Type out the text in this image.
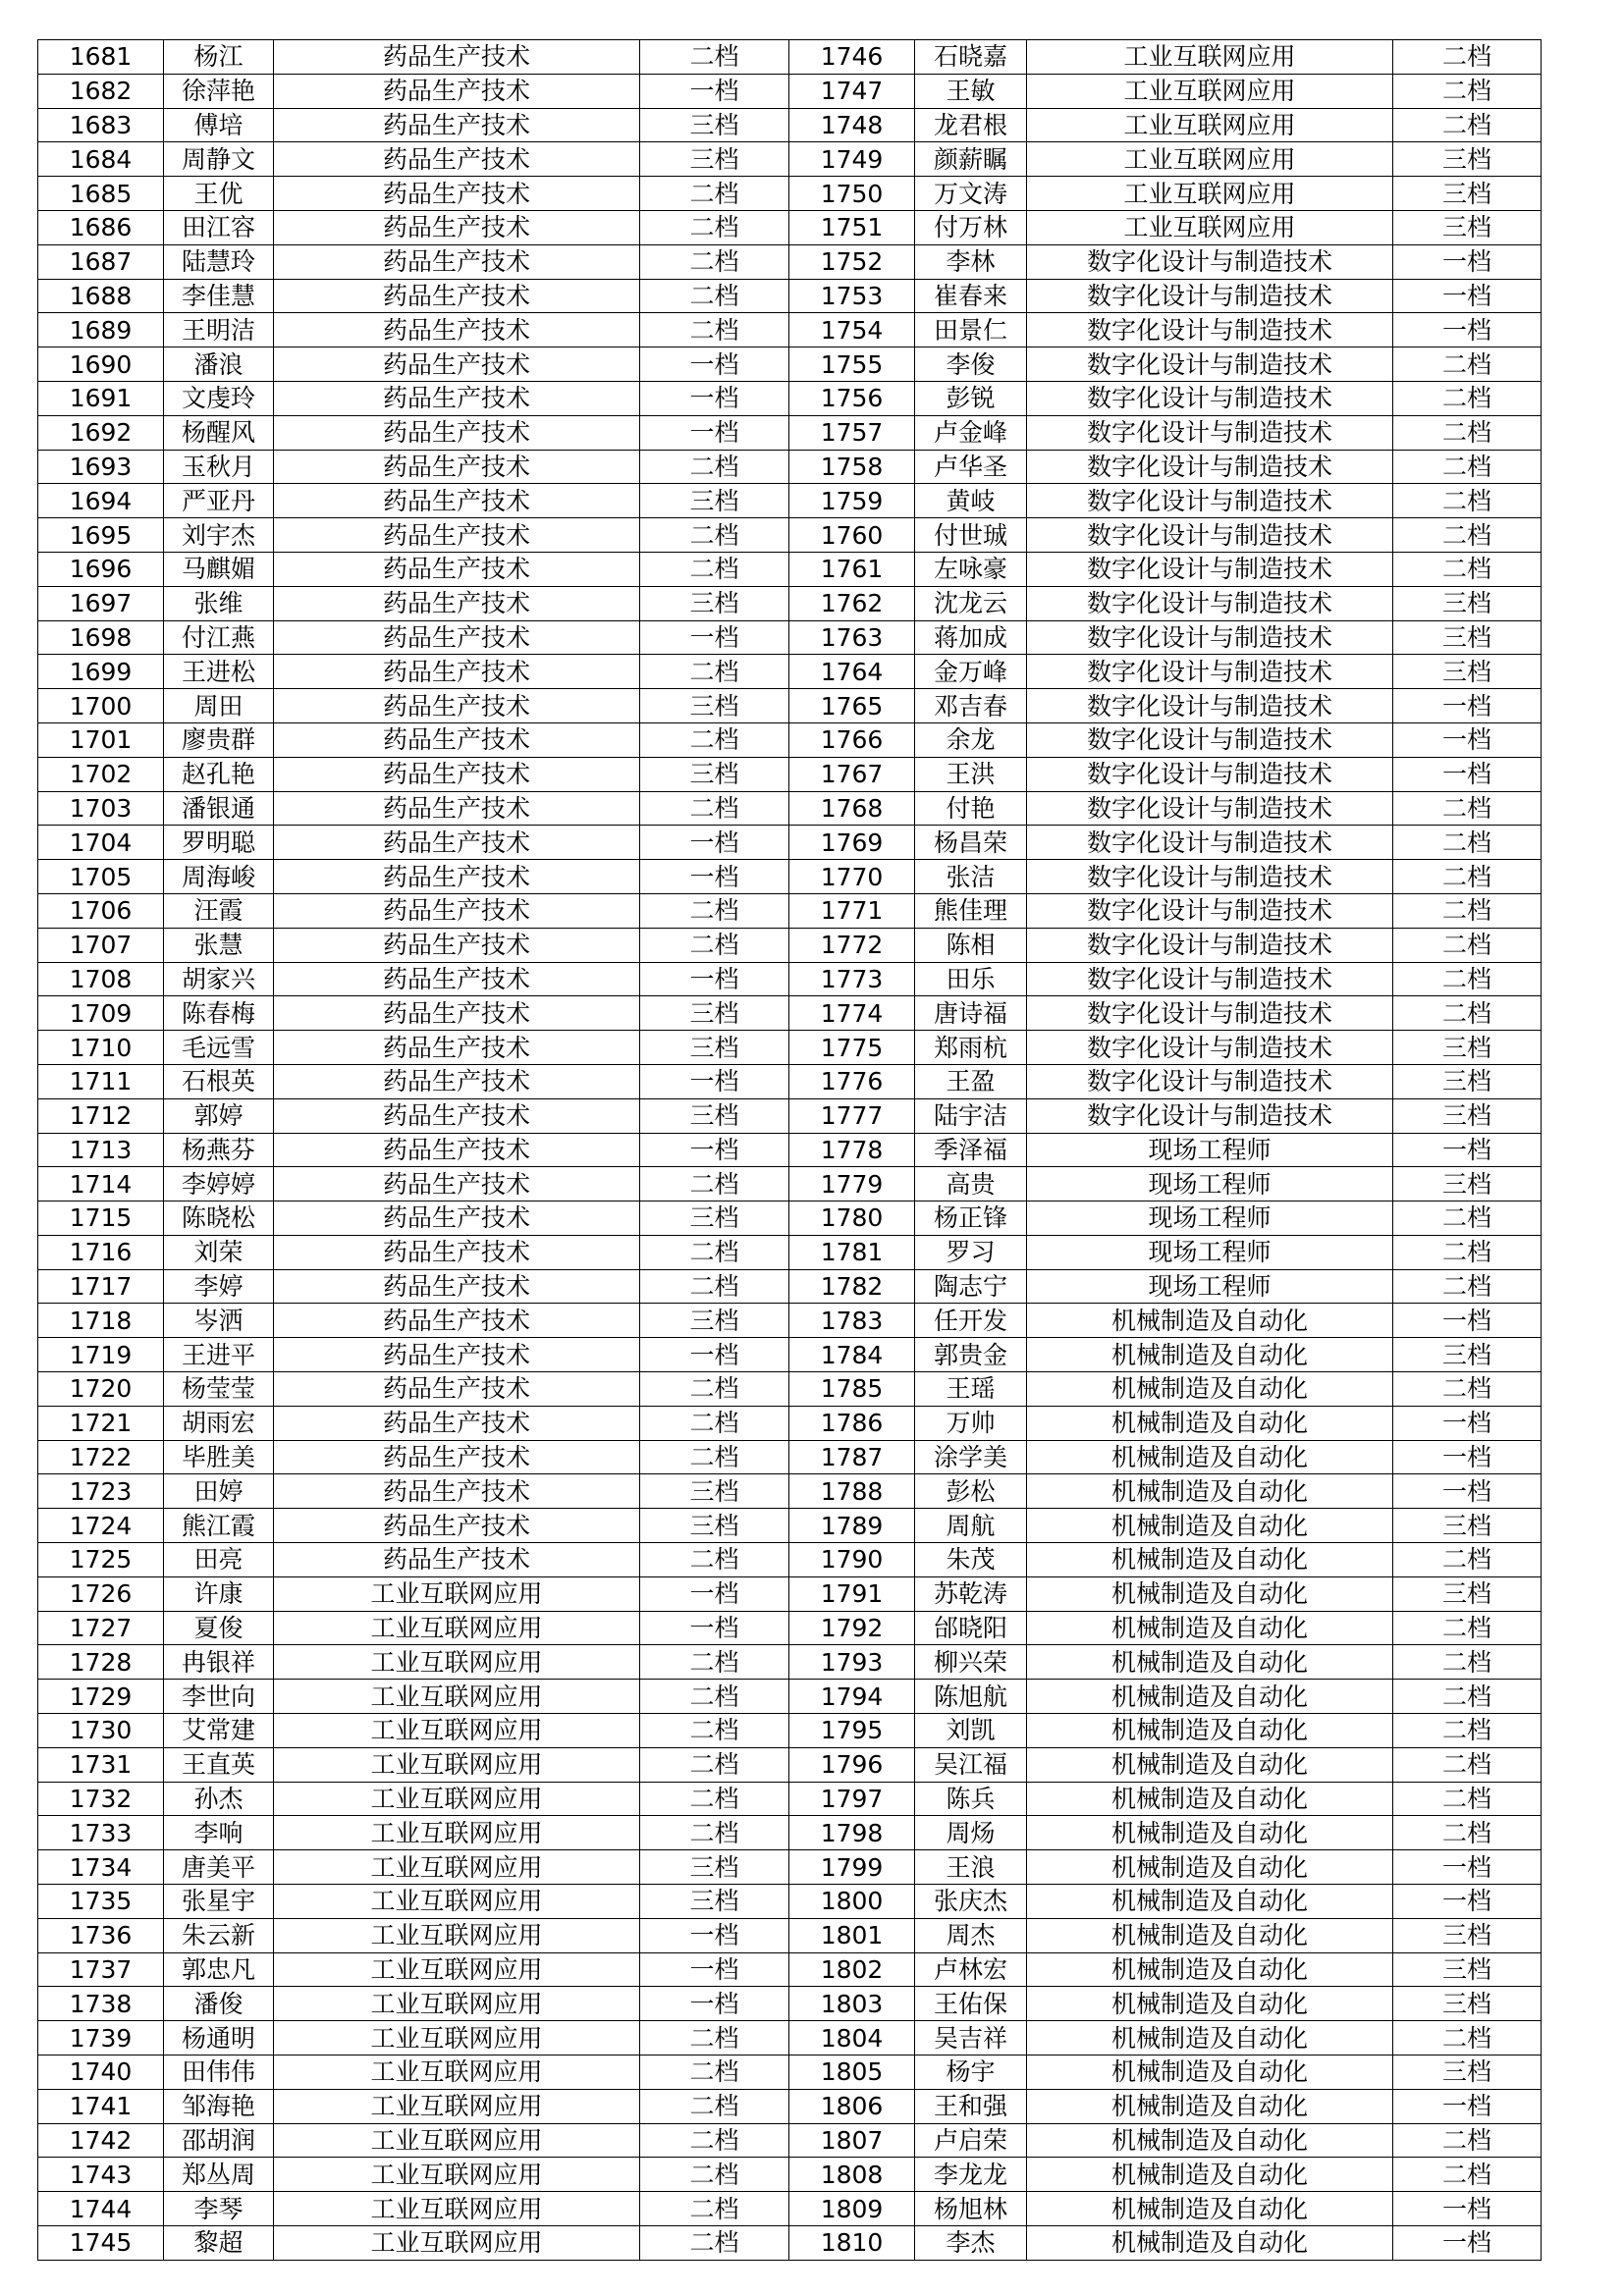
1681	杨江	药品生产技术	二档	1746	石晓嘉	工业互联网应用	二档
1682	徐萍艳	药品生产技术	一档	1747	王敏	工业互联网应用	二档
1683	傅培	药品生产技术	三档	1748	龙君根	工业互联网应用	二档
1684	周静文	药品生产技术	三档	1749	颜薪瞩	工业互联网应用	三档
1685	王优	药品生产技术	二档	1750	万文涛	工业互联网应用	三档
1686	田江容	药品生产技术	二档	1751	付万林	工业互联网应用	三档
1687	陆慧玲	药品生产技术	二档	1752	李林	数字化设计与制造技术	一档
1688	李佳慧	药品生产技术	二档	1753	崔春来	数字化设计与制造技术	一档
1689	王明洁	药品生产技术	二档	1754	田景仁	数字化设计与制造技术	一档
1690	潘浪	药品生产技术	一档	1755	李俊	数字化设计与制造技术	二档
1691	文虔玲	药品生产技术	一档	1756	彭锐	数字化设计与制造技术	二档
1692	杨醒风	药品生产技术	一档	1757	卢金峰	数字化设计与制造技术	二档
1693	玉秋月	药品生产技术	二档	1758	卢华圣	数字化设计与制造技术	二档
1694	严亚丹	药品生产技术	三档	1759	黄岐	数字化设计与制造技术	二档
1695	刘宇杰	药品生产技术	二档	1760	付世珹	数字化设计与制造技术	二档
1696	马麒媚	药品生产技术	二档	1761	左咏豪	数字化设计与制造技术	二档
1697	张维	药品生产技术	三档	1762	沈龙云	数字化设计与制造技术	三档
1698	付江燕	药品生产技术	一档	1763	蒋加成	数字化设计与制造技术	三档
1699	王进松	药品生产技术	二档	1764	金万峰	数字化设计与制造技术	三档
1700	周田	药品生产技术	三档	1765	邓吉春	数字化设计与制造技术	一档
1701	廖贵群	药品生产技术	二档	1766	余龙	数字化设计与制造技术	一档
1702	赵孔艳	药品生产技术	三档	1767	王洪	数字化设计与制造技术	一档
1703	潘银通	药品生产技术	二档	1768	付艳	数字化设计与制造技术	二档
1704	罗明聪	药品生产技术	一档	1769	杨昌荣	数字化设计与制造技术	二档
1705	周海峻	药品生产技术	一档	1770	张洁	数字化设计与制造技术	二档
1706	汪霞	药品生产技术	二档	1771	熊佳理	数字化设计与制造技术	二档
1707	张慧	药品生产技术	二档	1772	陈相	数字化设计与制造技术	二档
1708	胡家兴	药品生产技术	一档	1773	田乐	数字化设计与制造技术	二档
1709	陈春梅	药品生产技术	三档	1774	唐诗福	数字化设计与制造技术	二档
1710	毛远雪	药品生产技术	三档	1775	郑雨杭	数字化设计与制造技术	三档
1711	石根英	药品生产技术	一档	1776	王盈	数字化设计与制造技术	三档
1712	郭婷	药品生产技术	三档	1777	陆宇洁	数字化设计与制造技术	三档
1713	杨燕芬	药品生产技术	一档	1778	季泽福	现场工程师	一档
1714	李婷婷	药品生产技术	二档	1779	高贵	现场工程师	三档
1715	陈晓松	药品生产技术	三档	1780	杨正锋	现场工程师	二档
1716	刘荣	药品生产技术	二档	1781	罗习	现场工程师	二档
1717	李婷	药品生产技术	二档	1782	陶志宁	现场工程师	二档
1718	岑洒	药品生产技术	三档	1783	任开发	机械制造及自动化	一档
1719	王进平	药品生产技术	一档	1784	郭贵金	机械制造及自动化	三档
1720	杨莹莹	药品生产技术	二档	1785	王瑶	机械制造及自动化	二档
1721	胡雨宏	药品生产技术	二档	1786	万帅	机械制造及自动化	一档
1722	毕胜美	药品生产技术	二档	1787	涂学美	机械制造及自动化	一档
1723	田婷	药品生产技术	三档	1788	彭松	机械制造及自动化	一档
1724	熊江霞	药品生产技术	三档	1789	周航	机械制造及自动化	三档
1725	田亮	药品生产技术	二档	1790	朱茂	机械制造及自动化	二档
1726	许康	工业互联网应用	一档	1791	苏乾涛	机械制造及自动化	三档
1727	夏俊	工业互联网应用	一档	1792	邰晓阳	机械制造及自动化	二档
1728	冉银祥	工业互联网应用	二档	1793	柳兴荣	机械制造及自动化	二档
1729	李世向	工业互联网应用	二档	1794	陈旭航	机械制造及自动化	二档
1730	艾常建	工业互联网应用	二档	1795	刘凯	机械制造及自动化	二档
1731	王直英	工业互联网应用	二档	1796	吴江福	机械制造及自动化	二档
1732	孙杰	工业互联网应用	二档	1797	陈兵	机械制造及自动化	二档
1733	李响	工业互联网应用	二档	1798	周炀	机械制造及自动化	二档
1734	唐美平	工业互联网应用	三档	1799	王浪	机械制造及自动化	一档
1735	张星宇	工业互联网应用	三档	1800	张庆杰	机械制造及自动化	一档
1736	朱云新	工业互联网应用	一档	1801	周杰	机械制造及自动化	三档
1737	郭忠凡	工业互联网应用	一档	1802	卢林宏	机械制造及自动化	三档
1738	潘俊	工业互联网应用	一档	1803	王佑保	机械制造及自动化	三档
1739	杨通明	工业互联网应用	二档	1804	吴吉祥	机械制造及自动化	二档
1740	田伟伟	工业互联网应用	二档	1805	杨宇	机械制造及自动化	三档
1741	邹海艳	工业互联网应用	二档	1806	王和强	机械制造及自动化	一档
1742	邵胡润	工业互联网应用	二档	1807	卢启荣	机械制造及自动化	二档
1743	郑丛周	工业互联网应用	二档	1808	李龙龙	机械制造及自动化	二档
1744	李琴	工业互联网应用	二档	1809	杨旭林	机械制造及自动化	一档
1745	黎超	工业互联网应用	二档	1810	李杰	机械制造及自动化	一档
